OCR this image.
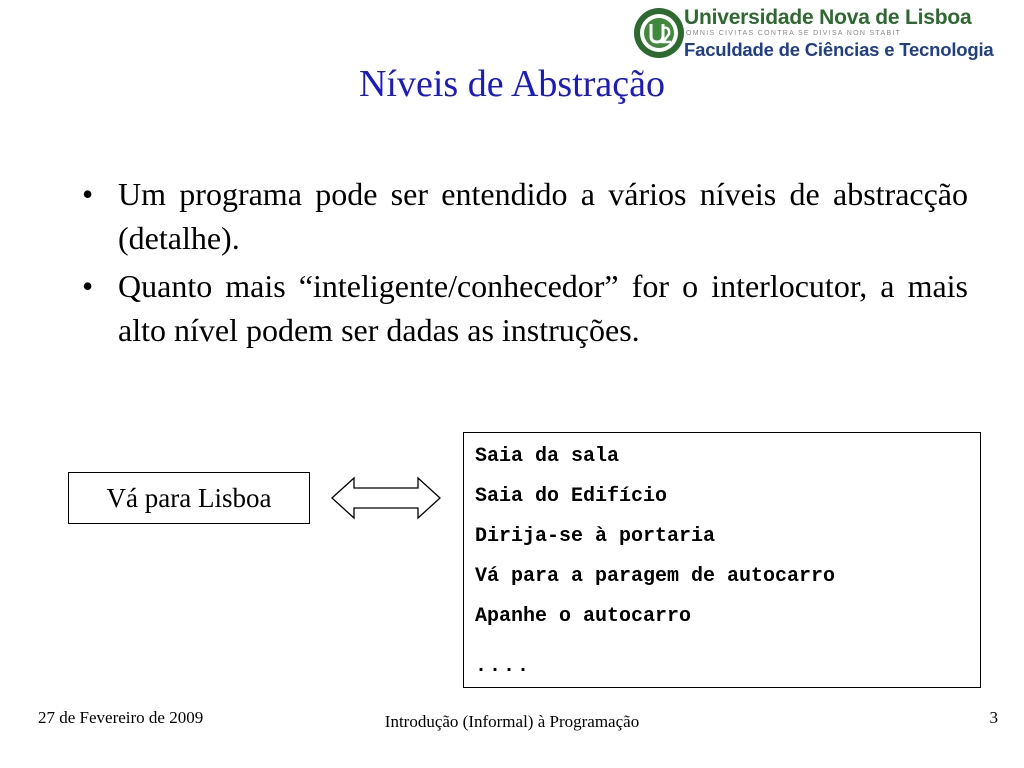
Universidade Nova de Lisboa
OMNIS CIVITAS CONTRA SE DIVISA NON STABIT
Faculdade de Ciências e Tecnologia
Níveis de Abstração
• Um programa pode ser entendido a vários níveis de abstracção (detalhe).
• Quanto mais “inteligente/conhecedor” for o interlocutor, a mais alto nível podem ser dadas as instruções.
Vá para Lisboa
Saia da sala
Saia do Edifício
Dirija-se à portaria
Vá para a paragem de autocarro
Apanhe o autocarro
....
27 de Fevereiro de 2009	Introdução (Informal) à Programação	3
